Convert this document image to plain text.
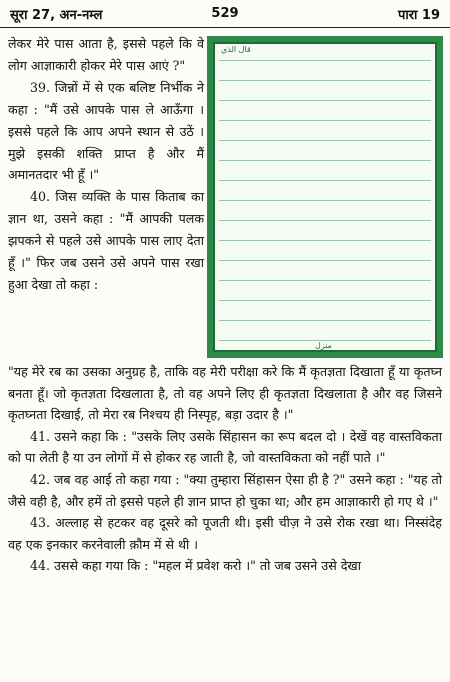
सूरा 27, अन-नम्ल	529	पारा 19

लेकर मेरे पास आता है, इससे पहले कि वे लोग आज्ञाकारी होकर मेरे पास आएं ?"

39. जिन्नों में से एक बलिष्ट निर्भीक ने कहा : "मैं उसे आपके पास ले आऊँगा । इससे पहले कि आप अपने स्थान से उठें । मुझे इसकी शक्ति प्राप्त है और मैं अमानतदार भी हूँ ।"

40. जिस व्यक्ति के पास किताब का ज्ञान था, उसने कहा : "मैं आपकी पलक झपकने से पहले उसे आपके पास लाए देता हूँ ।" फिर जब उसने उसे अपने पास रखा हुआ देखा तो कहा :

قال الذي
منزل

"यह मेरे रब का उसका अनुग्रह है, ताकि वह मेरी परीक्षा करे कि मैं कृतज्ञता दिखाता हूँ या कृतघ्न बनता हूँ। जो कृतज्ञता दिखलाता है, तो वह अपने लिए ही कृतज्ञता दिखलाता है और वह जिसने कृतघ्नता दिखाई, तो मेरा रब निश्चय ही निस्पृह, बड़ा उदार है ।"

41. उसने कहा कि : "उसके लिए उसके सिंहासन का रूप बदल दो । देखें वह वास्तविकता को पा लेती है या उन लोगों में से होकर रह जाती है, जो वास्तविकता को नहीं पाते ।"

42. जब वह आई तो कहा गया : "क्या तुम्हारा सिंहासन ऐसा ही है ?" उसने कहा : "यह तो जैसे वही है, और हमें तो इससे पहले ही ज्ञान प्राप्त हो चुका था; और हम आज्ञाकारी हो गए थे ।"

43. अल्लाह से हटकर वह दूसरे को पूजती थी। इसी चीज़ ने उसे रोक रखा था। निस्संदेह वह एक इनकार करनेवाली क़ौम में से थी ।

44. उससे कहा गया कि : "महल में प्रवेश करो ।" तो जब उसने उसे देखा
